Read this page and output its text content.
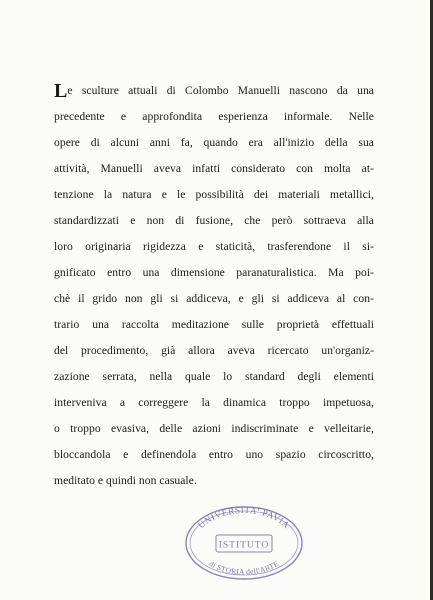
Le sculture attuali di Colombo Manuelli nascono da una
precedente e approfondita esperienza informale. Nelle
opere di alcuni anni fa, quando era all'inizio della sua
attività, Manuelli aveva infatti considerato con molta at-
tenzione la natura e le possibilità dei materiali metallici,
standardizzati e non di fusione, che però sottraeva alla
loro originaria rigidezza e staticità, trasferendone il si-
gnificato entro una dimensione paranaturalistica. Ma poi-
chè il grido non gli si addiceva, e gli si addiceva al con-
trario una raccolta meditazione sulle proprietà effettuali
del procedimento, già allora aveva ricercato un'organiz-
zazione serrata, nella quale lo standard degli elementi
interveniva a correggere la dinamica troppo impetuosa,
o troppo evasiva, delle azioni indiscriminate e velleitarie,
bloccandola e definendola entro uno spazio circoscritto,
meditato e quindi non casuale.
UNIVERSITA' PAVIA
ISTITUTO
di STORIA dell'ARTE
